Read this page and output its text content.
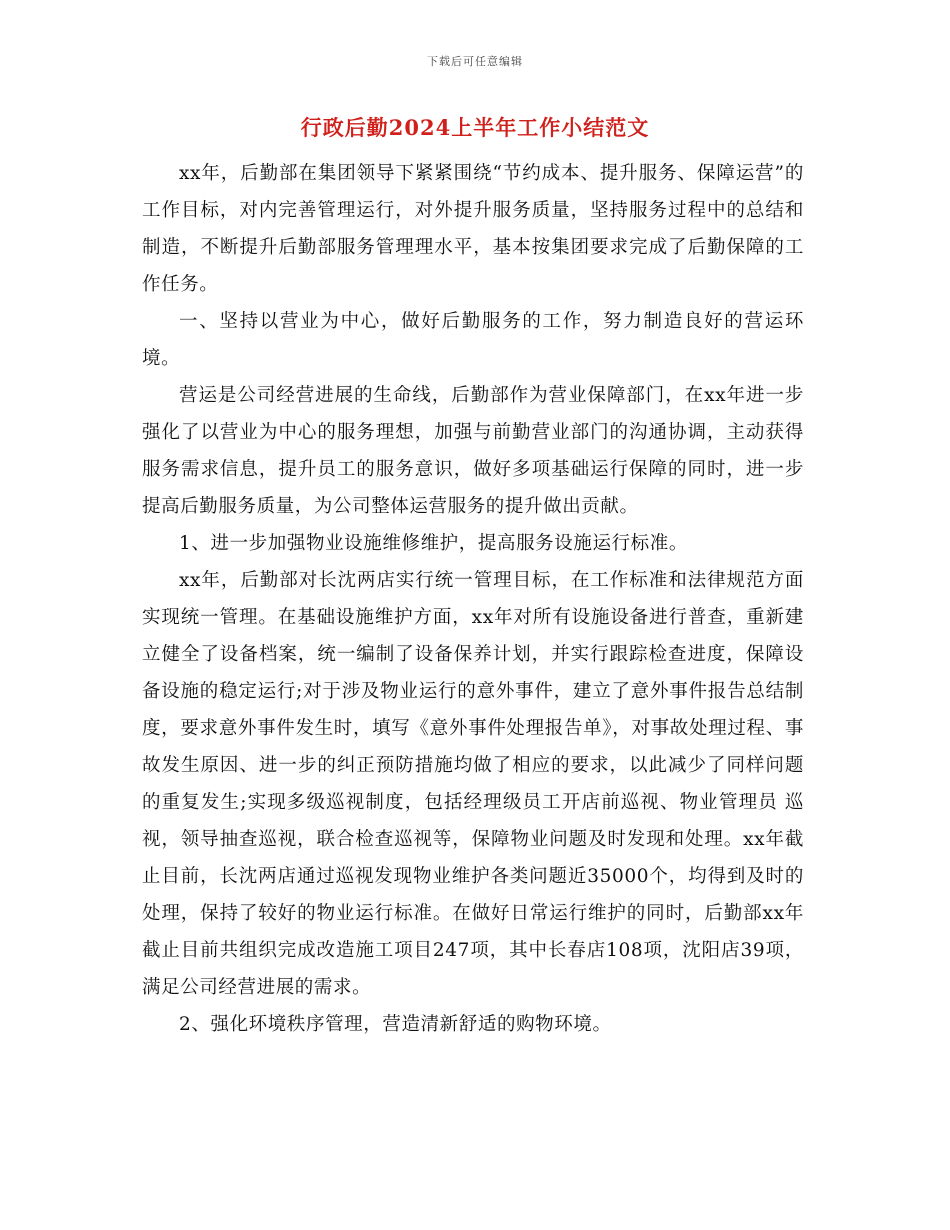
下载后可任意编辑
行政后勤2024上半年工作小结范文

xx年，后勤部在集团领导下紧紧围绕“节约成本、提升服务、保障运营”的工作目标，对内完善管理运行，对外提升服务质量，坚持服务过程中的总结和制造，不断提升后勤部服务管理理水平，基本按集团要求完成了后勤保障的工作任务。

一、坚持以营业为中心，做好后勤服务的工作，努力制造良好的营运环境。

营运是公司经营进展的生命线，后勤部作为营业保障部门，在xx年进一步强化了以营业为中心的服务理想，加强与前勤营业部门的沟通协调，主动获得服务需求信息，提升员工的服务意识，做好多项基础运行保障的同时，进一步提高后勤服务质量，为公司整体运营服务的提升做出贡献。

1、进一步加强物业设施维修维护，提高服务设施运行标准。

xx年，后勤部对长沈两店实行统一管理目标，在工作标准和法律规范方面实现统一管理。在基础设施维护方面，xx年对所有设施设备进行普查，重新建立健全了设备档案，统一编制了设备保养计划，并实行跟踪检查进度，保障设备设施的稳定运行;对于涉及物业运行的意外事件，建立了意外事件报告总结制度，要求意外事件发生时，填写《意外事件处理报告单》，对事故处理过程、事故发生原因、进一步的纠正预防措施均做了相应的要求，以此减少了同样问题的重复发生;实现多级巡视制度，包括经理级员工开店前巡视、物业管理员 巡视，领导抽查巡视，联合检查巡视等，保障物业问题及时发现和处理。xx年截止目前，长沈两店通过巡视发现物业维护各类问题近35000个，均得到及时的处理，保持了较好的物业运行标准。在做好日常运行维护的同时，后勤部xx年截止目前共组织完成改造施工项目247项，其中长春店108项，沈阳店39项，满足公司经营进展的需求。

2、强化环境秩序管理，营造清新舒适的购物环境。
